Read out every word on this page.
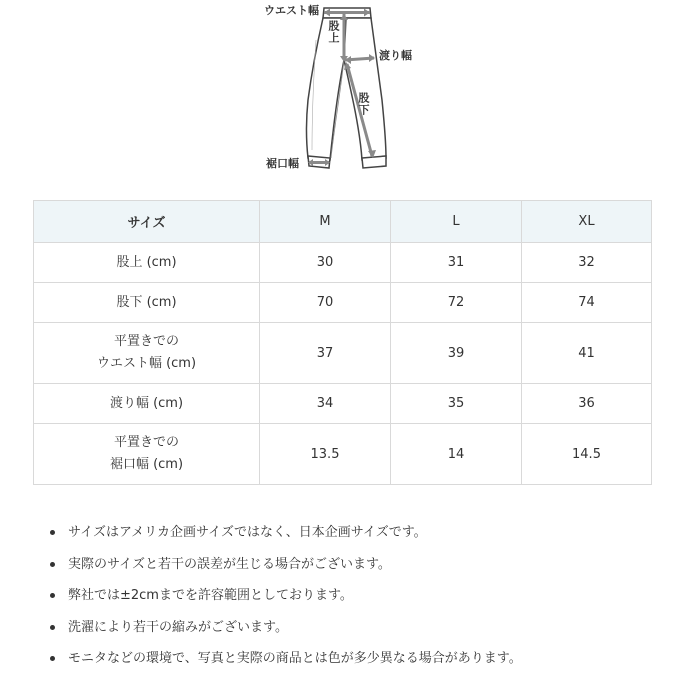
ウエスト幅
股上
渡り幅
股下
裾口幅
サイズ	M	L	XL
股上 (cm)	30	31	32
股下 (cm)	70	72	74
平置きでの
ウエスト幅 (cm)	37	39	41
渡り幅 (cm)	34	35	36
平置きでの
裾口幅 (cm)	13.5	14	14.5
サイズはアメリカ企画サイズではなく、日本企画サイズです。
実際のサイズと若干の誤差が生じる場合がございます。
弊社では±2cmまでを許容範囲としております。
洗濯により若干の縮みがございます。
モニタなどの環境で、写真と実際の商品とは色が多少異なる場合があります。
